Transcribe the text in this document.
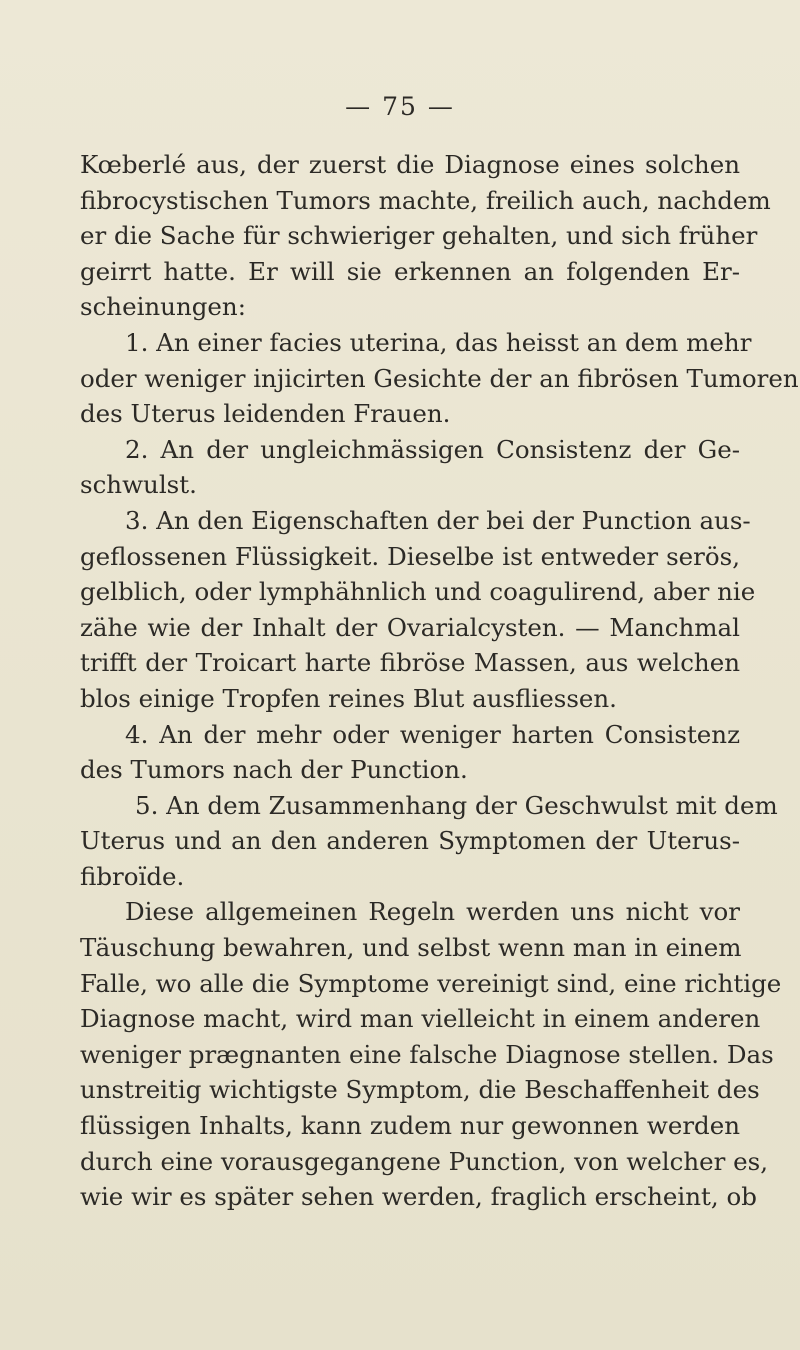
— 75 —
Kœberlé aus, der zuerst die Diagnose eines solchen
fibrocystischen Tumors machte, freilich auch, nachdem
er die Sache für schwieriger gehalten, und sich früher
geirrt hatte. Er will sie erkennen an folgenden Er-
scheinungen:
1. An einer facies uterina, das heisst an dem mehr
oder weniger injicirten Gesichte der an fibrösen Tumoren
des Uterus leidenden Frauen.
2. An der ungleichmässigen Consistenz der Ge-
schwulst.
3. An den Eigenschaften der bei der Punction aus-
geflossenen Flüssigkeit. Dieselbe ist entweder serös,
gelblich, oder lymphähnlich und coagulirend, aber nie
zähe wie der Inhalt der Ovarialcysten. — Manchmal
trifft der Troicart harte fibröse Massen, aus welchen
blos einige Tropfen reines Blut ausfliessen.
4. An der mehr oder weniger harten Consistenz
des Tumors nach der Punction.
5. An dem Zusammenhang der Geschwulst mit dem
Uterus und an den anderen Symptomen der Uterus-
fibroïde.
Diese allgemeinen Regeln werden uns nicht vor
Täuschung bewahren, und selbst wenn man in einem
Falle, wo alle die Symptome vereinigt sind, eine richtige
Diagnose macht, wird man vielleicht in einem anderen
weniger prægnanten eine falsche Diagnose stellen. Das
unstreitig wichtigste Symptom, die Beschaffenheit des
flüssigen Inhalts, kann zudem nur gewonnen werden
durch eine vorausgegangene Punction, von welcher es,
wie wir es später sehen werden, fraglich erscheint, ob
